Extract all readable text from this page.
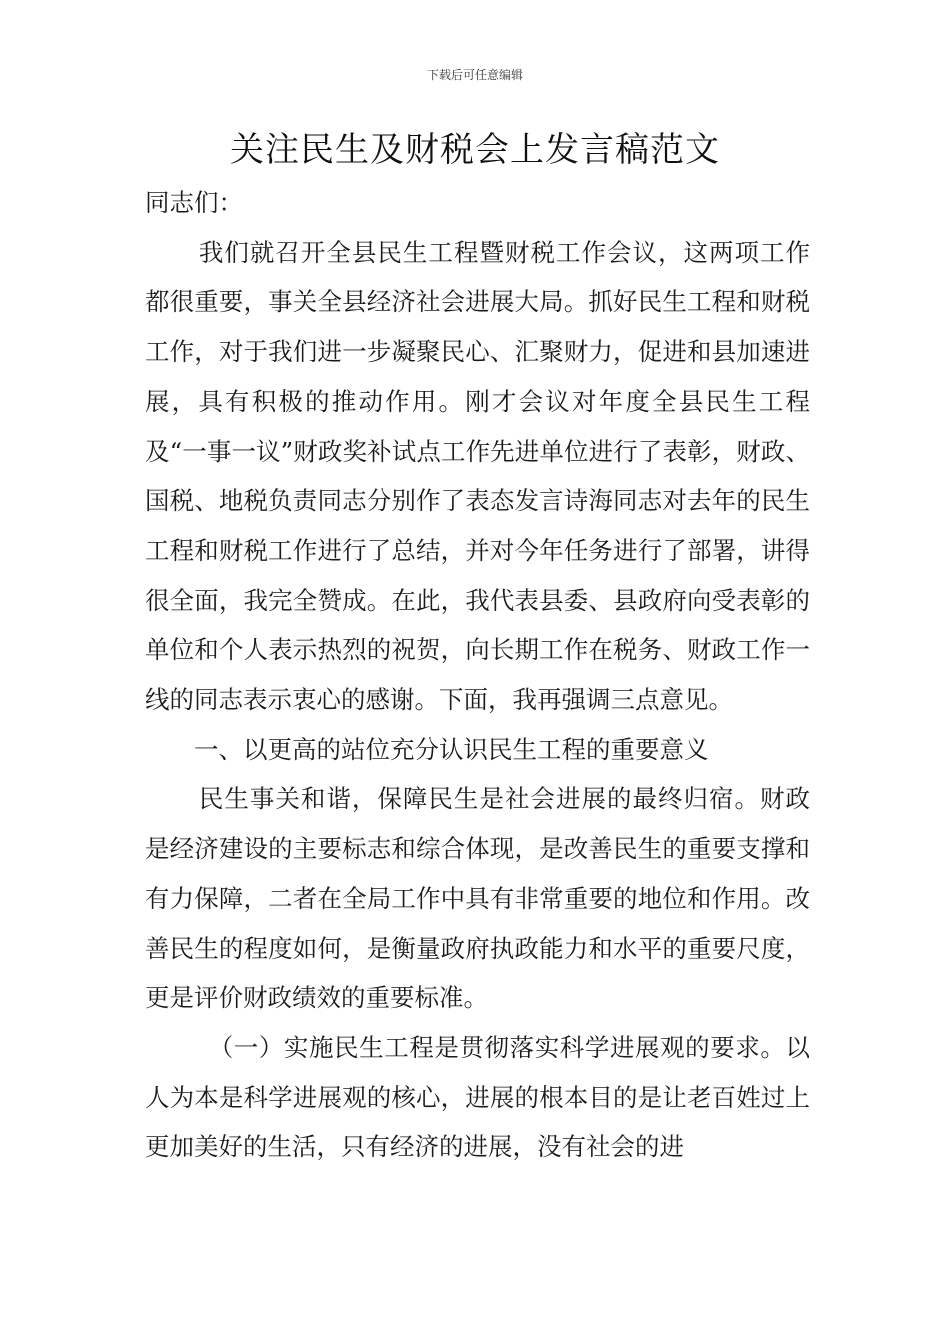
下载后可任意编辑
关注民生及财税会上发言稿范文

同志们：

我们就召开全县民生工程暨财税工作会议，这两项工作都很重要，事关全县经济社会进展大局。抓好民生工程和财税工作，对于我们进一步凝聚民心、汇聚财力，促进和县加速进展，具有积极的推动作用。刚才会议对年度全县民生工程及“一事一议”财政奖补试点工作先进单位进行了表彰，财政、国税、地税负责同志分别作了表态发言诗海同志对去年的民生工程和财税工作进行了总结，并对今年任务进行了部署，讲得很全面，我完全赞成。在此，我代表县委、县政府向受表彰的单位和个人表示热烈的祝贺，向长期工作在税务、财政工作一线的同志表示衷心的感谢。下面，我再强调三点意见。

一、以更高的站位充分认识民生工程的重要意义

民生事关和谐，保障民生是社会进展的最终归宿。财政是经济建设的主要标志和综合体现，是改善民生的重要支撑和有力保障，二者在全局工作中具有非常重要的地位和作用。改善民生的程度如何，是衡量政府执政能力和水平的重要尺度，更是评价财政绩效的重要标准。

（一）实施民生工程是贯彻落实科学进展观的要求。以人为本是科学进展观的核心，进展的根本目的是让老百姓过上更加美好的生活，只有经济的进展，没有社会的进
